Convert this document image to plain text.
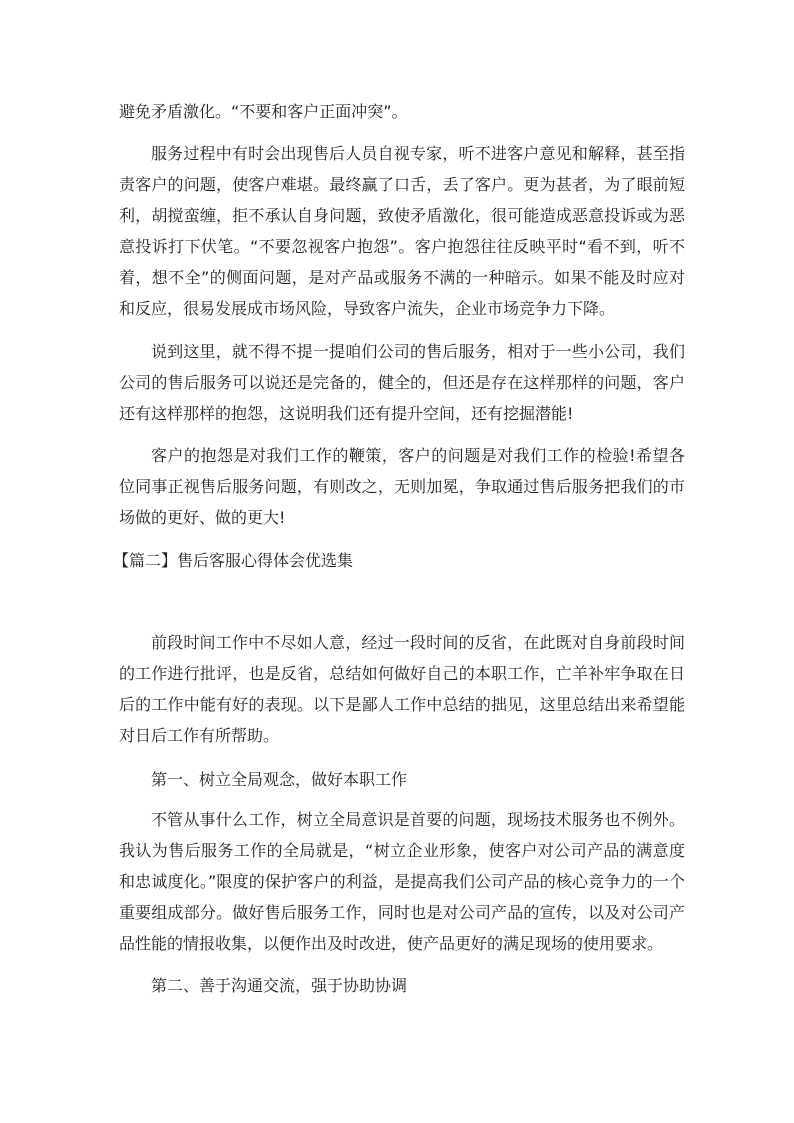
避免矛盾激化。“不要和客户正面冲突”。

服务过程中有时会出现售后人员自视专家，听不进客户意见和解释，甚至指责客户的问题，使客户难堪。最终赢了口舌，丢了客户。更为甚者，为了眼前短利，胡搅蛮缠，拒不承认自身问题，致使矛盾激化，很可能造成恶意投诉或为恶意投诉打下伏笔。“不要忽视客户抱怨”。客户抱怨往往反映平时“看不到，听不着，想不全”的侧面问题，是对产品或服务不满的一种暗示。如果不能及时应对和反应，很易发展成市场风险，导致客户流失，企业市场竞争力下降。

说到这里，就不得不提一提咱们公司的售后服务，相对于一些小公司，我们公司的售后服务可以说还是完备的，健全的，但还是存在这样那样的问题，客户还有这样那样的抱怨，这说明我们还有提升空间，还有挖掘潜能!

客户的抱怨是对我们工作的鞭策，客户的问题是对我们工作的检验!希望各位同事正视售后服务问题，有则改之，无则加冕，争取通过售后服务把我们的市场做的更好、做的更大!

【篇二】售后客服心得体会优选集

前段时间工作中不尽如人意，经过一段时间的反省，在此既对自身前段时间的工作进行批评，也是反省，总结如何做好自己的本职工作，亡羊补牢争取在日后的工作中能有好的表现。以下是鄙人工作中总结的拙见，这里总结出来希望能对日后工作有所帮助。

第一、树立全局观念，做好本职工作

不管从事什么工作，树立全局意识是首要的问题，现场技术服务也不例外。我认为售后服务工作的全局就是，“树立企业形象，使客户对公司产品的满意度和忠诚度化。”限度的保护客户的利益，是提高我们公司产品的核心竞争力的一个重要组成部分。做好售后服务工作，同时也是对公司产品的宣传，以及对公司产品性能的情报收集，以便作出及时改进，使产品更好的满足现场的使用要求。

第二、善于沟通交流，强于协助协调
